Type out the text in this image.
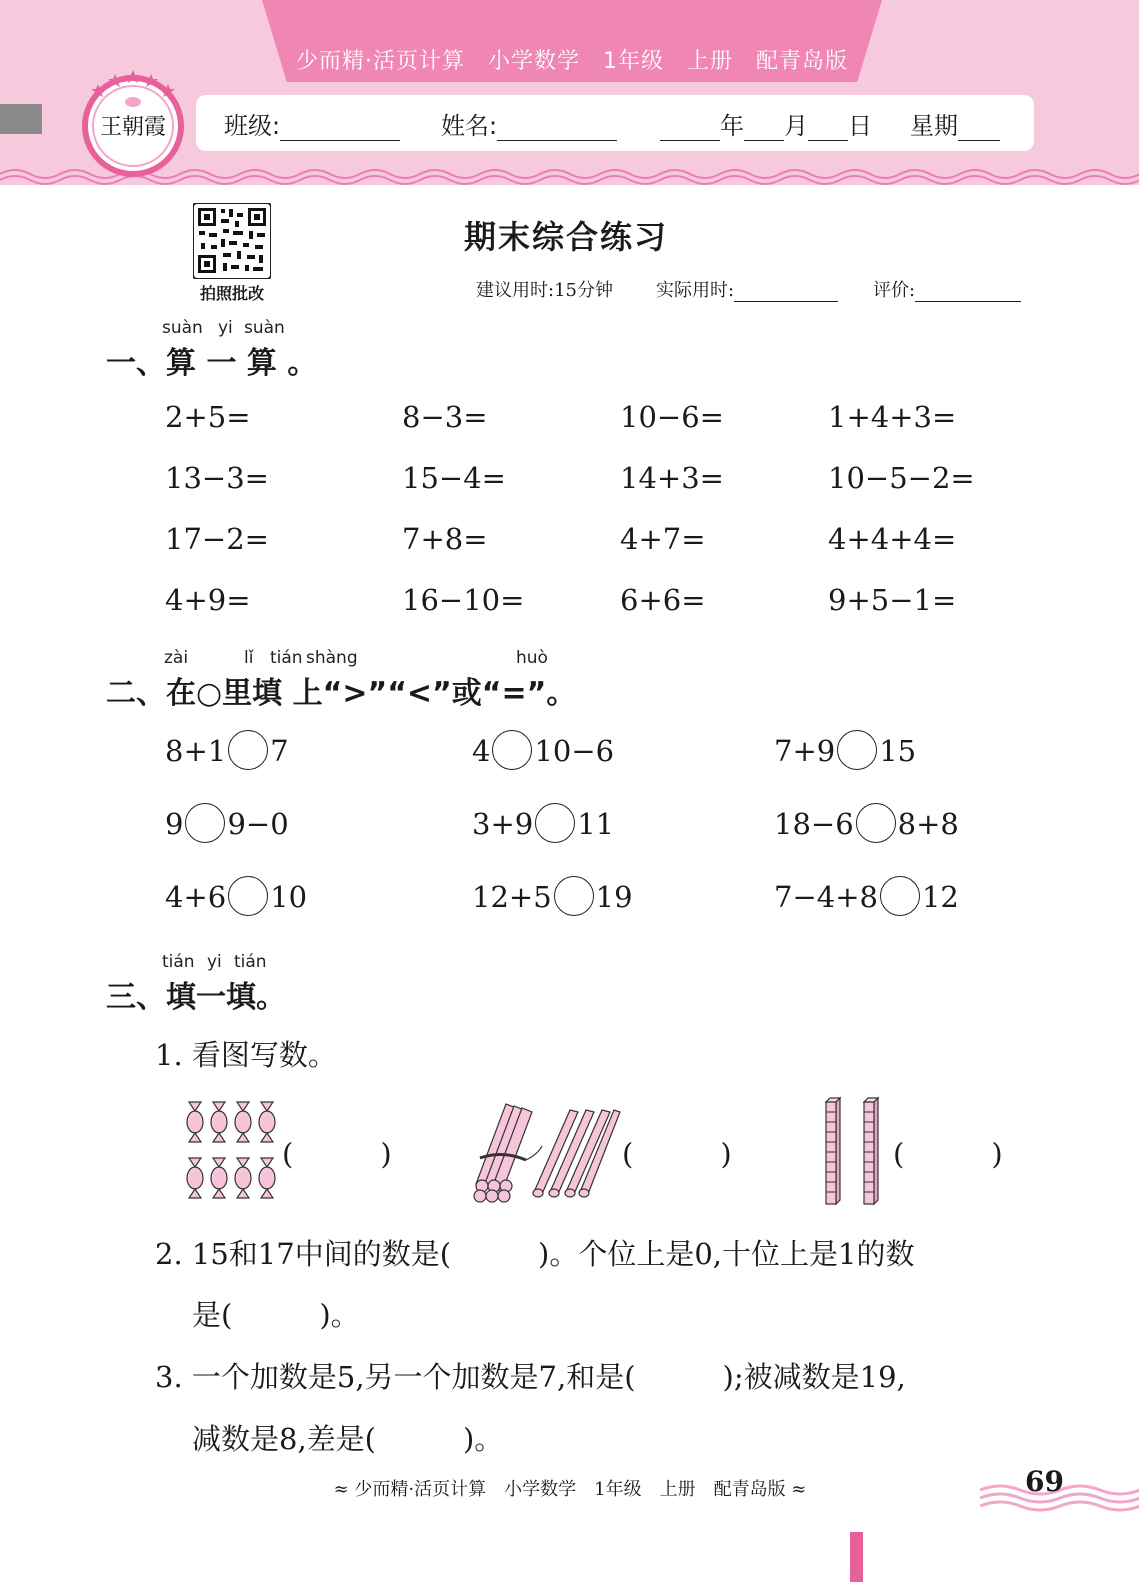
少而精·活页计算　小学数学　1年级　上册　配青岛版
班级:	姓名:	年 月 日 星期
王朝霞
拍照批改
期末综合练习
建议用时:15分钟 实际用时:	评价:
suàn yi suàn
一、算 一 算 。
2+5=	8−3=	10−6=	1+4+3=
13−3=	15−4=	14+3=	10−5−2=
17−2=	7+8=	4+7=	4+4+4=
4+9=	16−10=	6+6=	9+5−1=
zài	lǐ tián shàng	huò
二、在○里填 上“>”“<”或“=”。
8+1 7	4 10−6	7+9 15
9 9−0	3+9 11	18−6 8+8
4+6 10	12+5 19	7−4+8 12
tián yi tián
三、填一填。
1. 看图写数。
(　　　)	(　　　)	(　　　)
2. 15和17中间的数是(　　　)。个位上是0,十位上是1的数
是(　　　)。
3. 一个加数是5,另一个加数是7,和是(　　　);被减数是19,
减数是8,差是(　　　)。
≈ 少而精·活页计算　小学数学　1年级　上册　配青岛版 ≈	69
